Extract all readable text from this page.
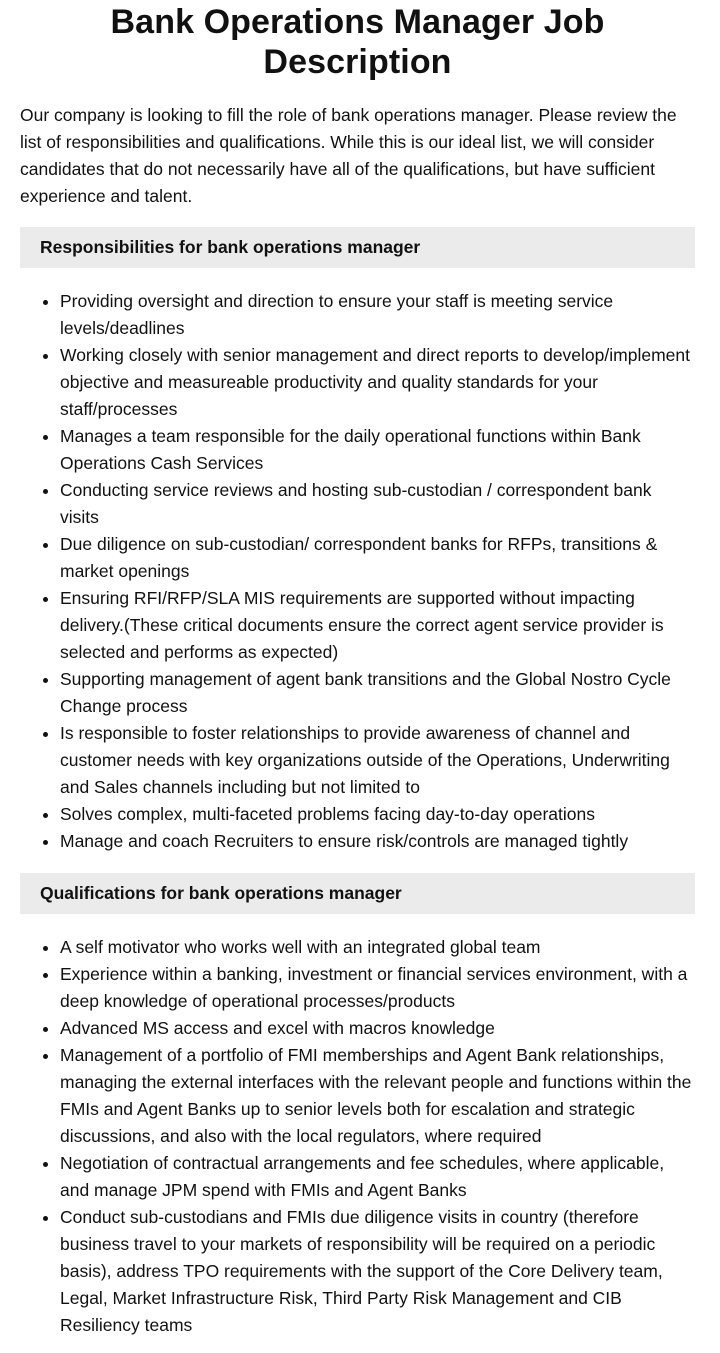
Bank Operations Manager Job Description

Our company is looking to fill the role of bank operations manager. Please review the list of responsibilities and qualifications. While this is our ideal list, we will consider candidates that do not necessarily have all of the qualifications, but have sufficient experience and talent.

Responsibilities for bank operations manager
• Providing oversight and direction to ensure your staff is meeting service levels/deadlines
• Working closely with senior management and direct reports to develop/implement objective and measureable productivity and quality standards for your staff/processes
• Manages a team responsible for the daily operational functions within Bank Operations Cash Services
• Conducting service reviews and hosting sub-custodian / correspondent bank visits
• Due diligence on sub-custodian/ correspondent banks for RFPs, transitions & market openings
• Ensuring RFI/RFP/SLA MIS requirements are supported without impacting delivery.(These critical documents ensure the correct agent service provider is selected and performs as expected)
• Supporting management of agent bank transitions and the Global Nostro Cycle Change process
• Is responsible to foster relationships to provide awareness of channel and customer needs with key organizations outside of the Operations, Underwriting and Sales channels including but not limited to
• Solves complex, multi-faceted problems facing day-to-day operations
• Manage and coach Recruiters to ensure risk/controls are managed tightly
Qualifications for bank operations manager
• A self motivator who works well with an integrated global team
• Experience within a banking, investment or financial services environment, with a deep knowledge of operational processes/products
• Advanced MS access and excel with macros knowledge
• Management of a portfolio of FMI memberships and Agent Bank relationships, managing the external interfaces with the relevant people and functions within the FMIs and Agent Banks up to senior levels both for escalation and strategic discussions, and also with the local regulators, where required
• Negotiation of contractual arrangements and fee schedules, where applicable, and manage JPM spend with FMIs and Agent Banks
• Conduct sub-custodians and FMIs due diligence visits in country (therefore business travel to your markets of responsibility will be required on a periodic basis), address TPO requirements with the support of the Core Delivery team, Legal, Market Infrastructure Risk, Third Party Risk Management and CIB Resiliency teams
